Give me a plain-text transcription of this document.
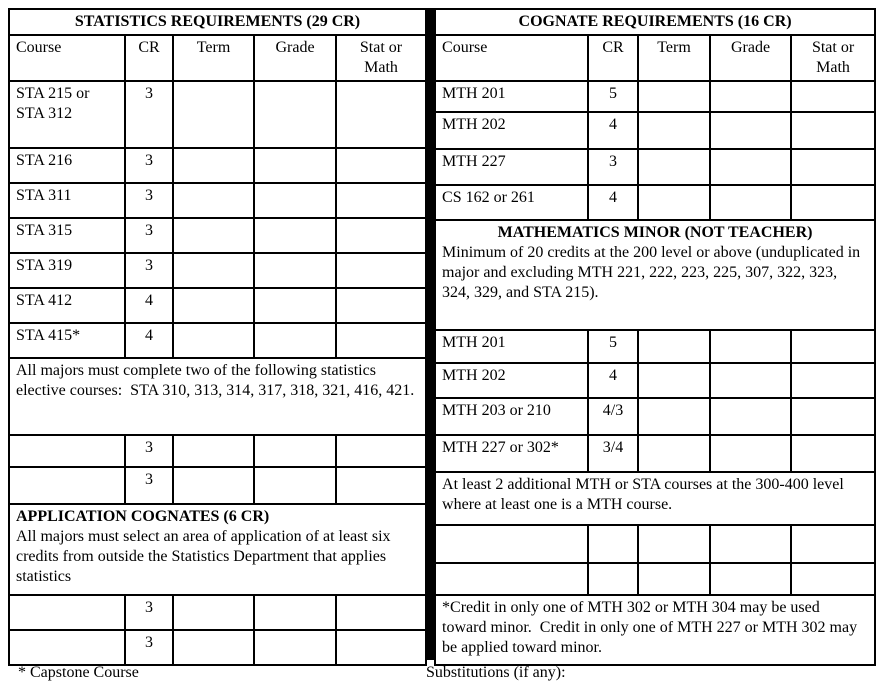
STATISTICS REQUIREMENTS (29 CR)				
Course	CR	Term	Grade	Stat or Math
STA 215 or STA 312	3			
STA 216	3			
STA 311	3			
STA 315	3			
STA 319	3			
STA 412	4			
STA 415*	4			
All majors must complete two of the following statistics elective courses:  STA 310, 313, 314, 317, 318, 321, 416, 421.				
	3			
	3			

APPLICATION COGNATES (6 CR)
All majors must select an area of application of at least six credits from outside the Statistics Department that applies statistics				

	3			
	3			
COGNATE REQUIREMENTS (16 CR)				
Course	CR	Term	Grade	Stat or Math
MTH 201	5			
MTH 202	4			
MTH 227	3			
CS 162 or 261	4			

MATHEMATICS MINOR (NOT TEACHER)
Minimum of 20 credits at the 200 level or above (unduplicated in major and excluding MTH 221, 222, 223, 225, 307, 322, 323, 324, 329, and STA 215).				

MTH 201	5			
MTH 202	4			
MTH 203 or 210	4/3			
MTH 227 or 302*	3/4			
At least 2 additional MTH or STA courses at the 300-400 level where at least one is a MTH course.				

*Credit in only one of MTH 302 or MTH 304 may be used toward minor.  Credit in only one of MTH 227 or MTH 302 may be applied toward minor.				
* Capstone Course	Substitutions (if any):
